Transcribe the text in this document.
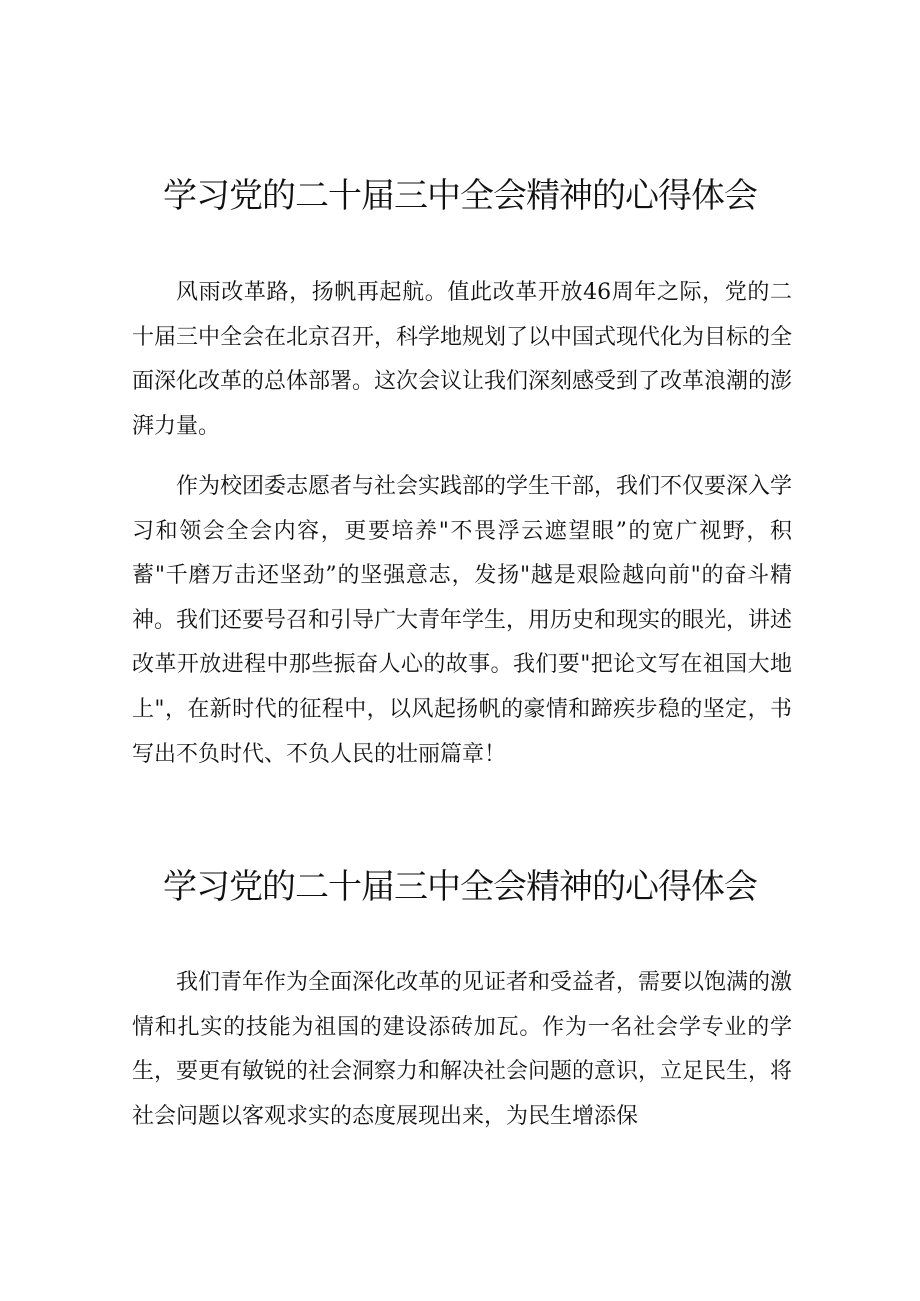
学习党的二十届三中全会精神的心得体会

风雨改革路，扬帆再起航。值此改革开放46周年之际，党的二十届三中全会在北京召开，科学地规划了以中国式现代化为目标的全面深化改革的总体部署。这次会议让我们深刻感受到了改革浪潮的澎湃力量。

作为校团委志愿者与社会实践部的学生干部，我们不仅要深入学习和领会全会内容，更要培养"不畏浮云遮望眼”的宽广视野，积蓄"千磨万击还坚劲”的坚强意志，发扬"越是艰险越向前"的奋斗精神。我们还要号召和引导广大青年学生，用历史和现实的眼光，讲述改革开放进程中那些振奋人心的故事。我们要"把论文写在祖国大地上"，在新时代的征程中，以风起扬帆的豪情和蹄疾步稳的坚定，书写出不负时代、不负人民的壮丽篇章！

学习党的二十届三中全会精神的心得体会

我们青年作为全面深化改革的见证者和受益者，需要以饱满的激情和扎实的技能为祖国的建设添砖加瓦。作为一名社会学专业的学生，要更有敏锐的社会洞察力和解决社会问题的意识，立足民生，将社会问题以客观求实的态度展现出来，为民生增添保
